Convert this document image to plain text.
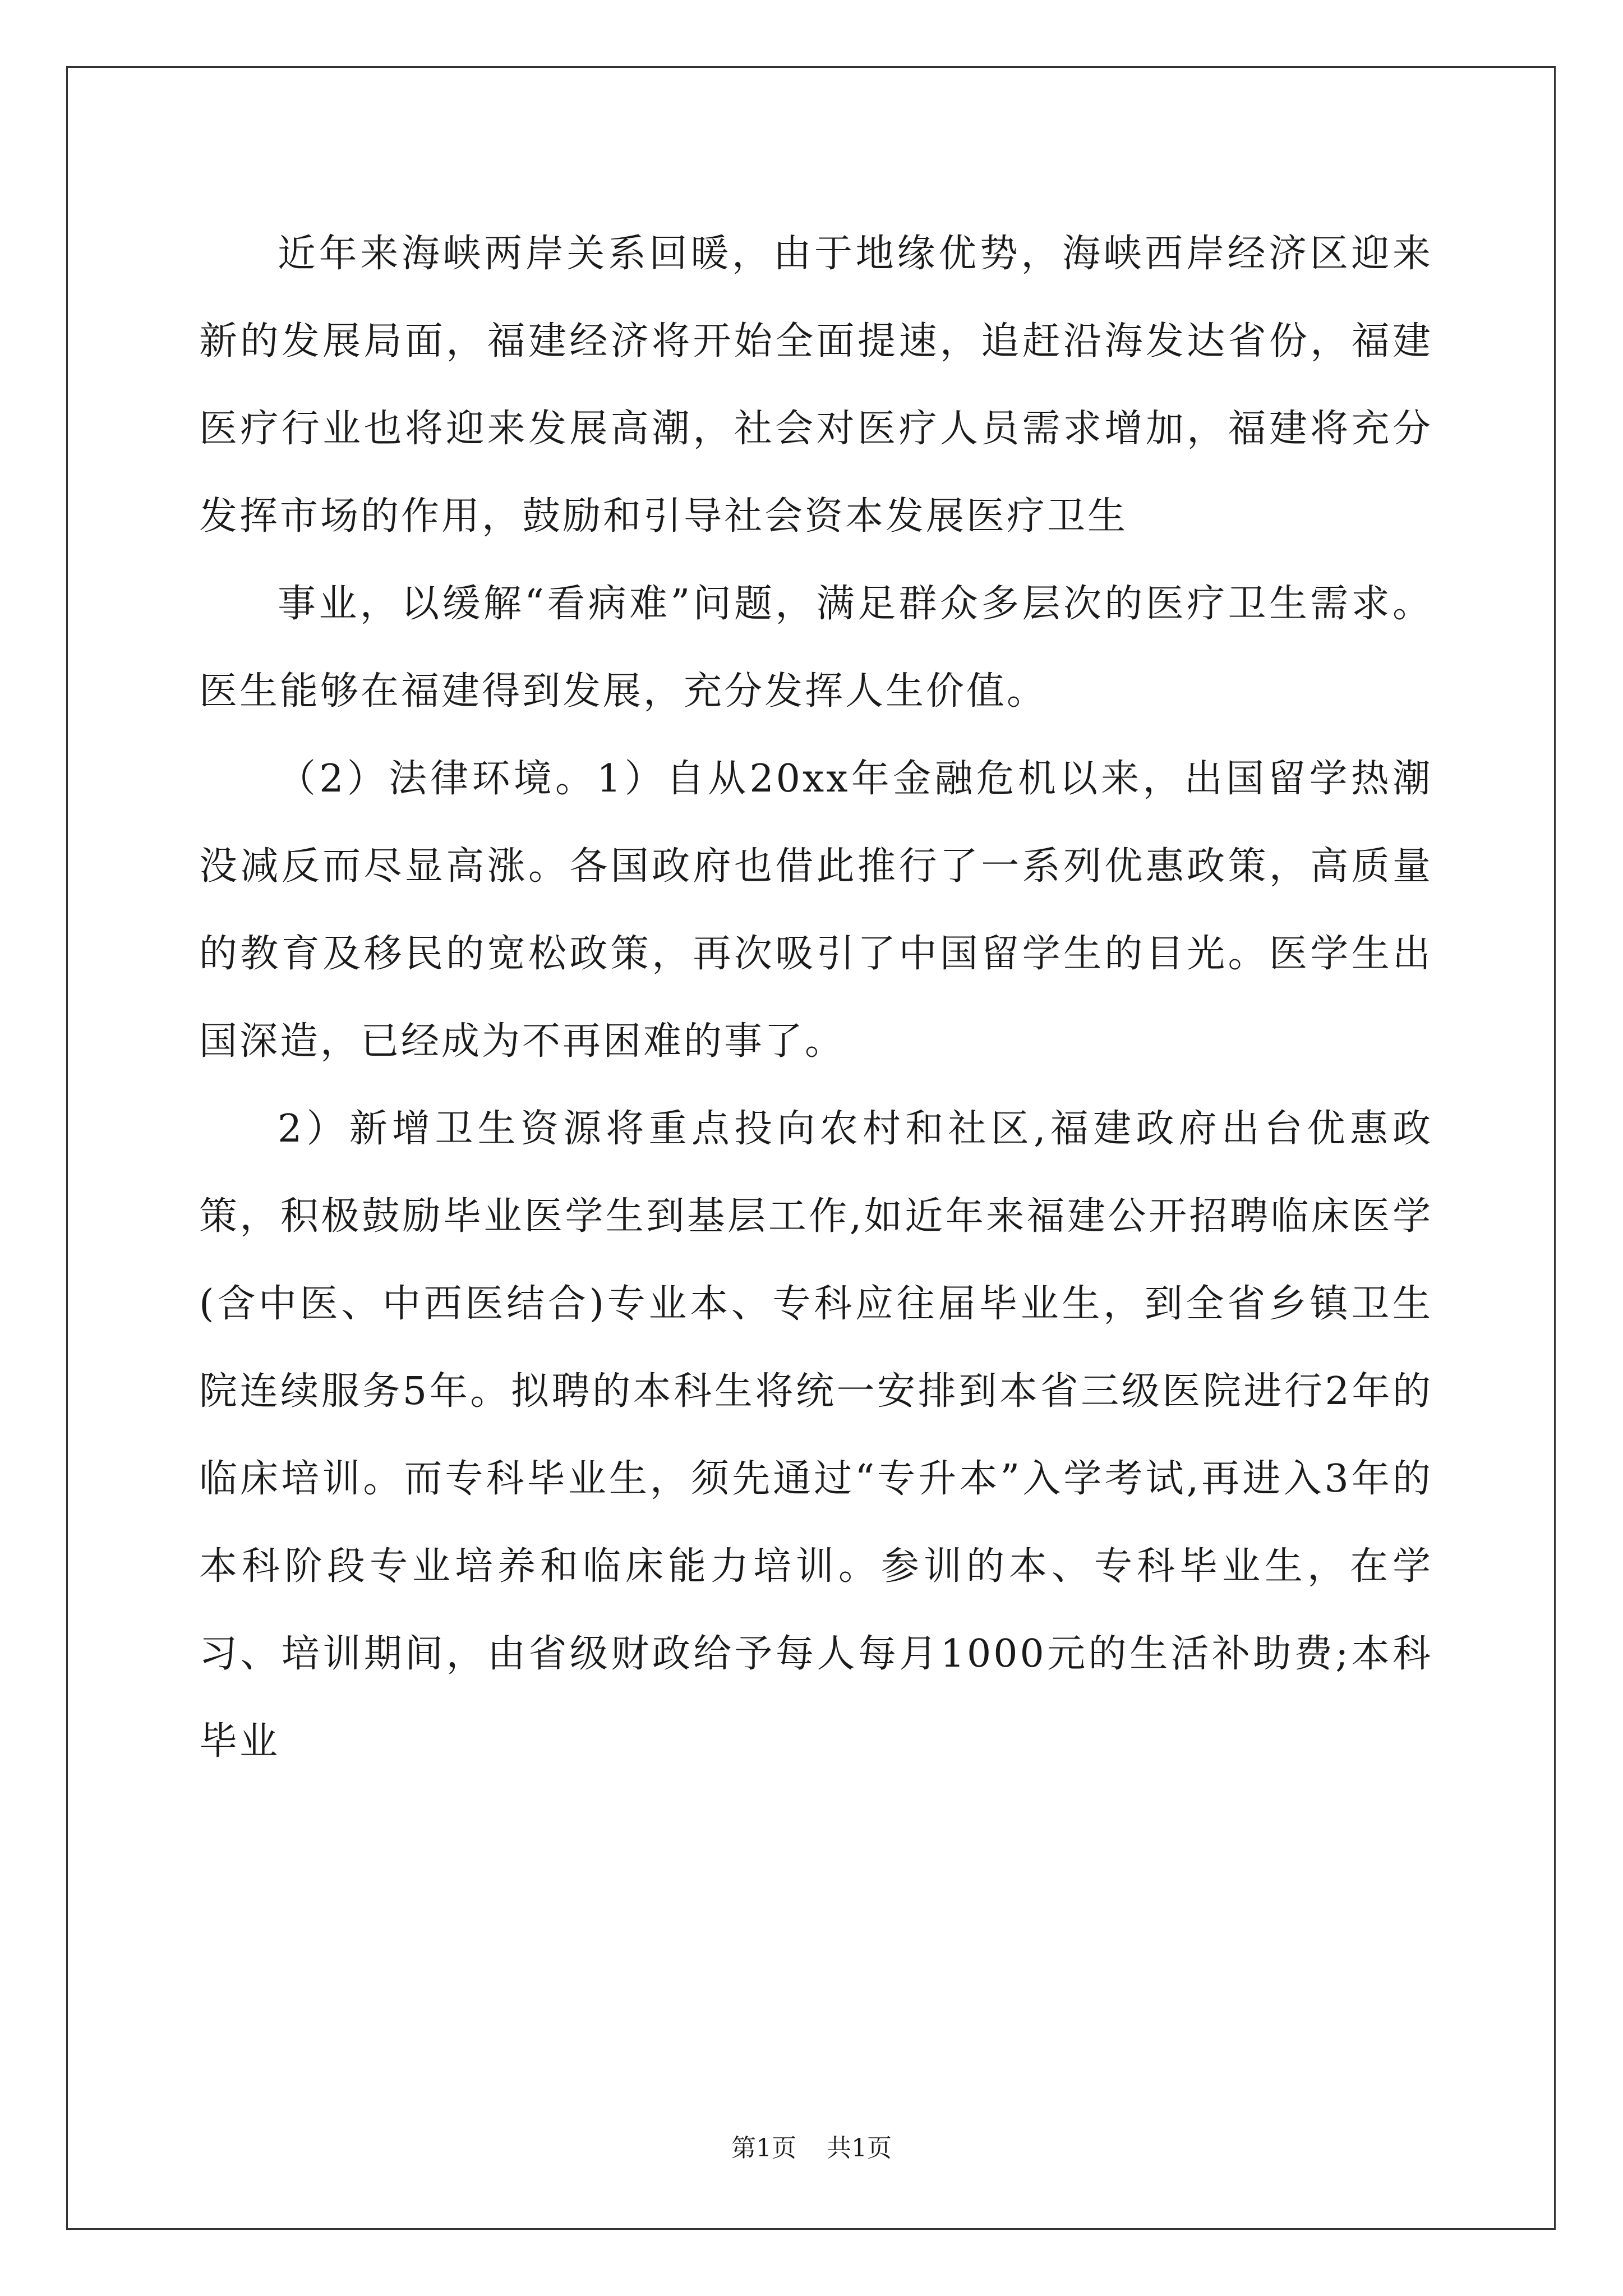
近年来海峡两岸关系回暖，由于地缘优势，海峡西岸经济区迎来新的发展局面，福建经济将开始全面提速，追赶沿海发达省份，福建医疗行业也将迎来发展高潮，社会对医疗人员需求增加，福建将充分发挥市场的作用，鼓励和引导社会资本发展医疗卫生

事业，以缓解“看病难”问题，满足群众多层次的医疗卫生需求。医生能够在福建得到发展，充分发挥人生价值。

（2）法律环境。1）自从20xx年金融危机以来，出国留学热潮没减反而尽显高涨。各国政府也借此推行了一系列优惠政策，高质量的教育及移民的宽松政策，再次吸引了中国留学生的目光。医学生出国深造，已经成为不再困难的事了。

2）新增卫生资源将重点投向农村和社区,福建政府出台优惠政策，积极鼓励毕业医学生到基层工作,如近年来福建公开招聘临床医学(含中医、中西医结合)专业本、专科应往届毕业生，到全省乡镇卫生院连续服务5年。拟聘的本科生将统一安排到本省三级医院进行2年的临床培训。而专科毕业生，须先通过“专升本”入学考试,再进入3年的本科阶段专业培养和临床能力培训。参训的本、专科毕业生，在学习、培训期间，由省级财政给予每人每月1000元的生活补助费;本科毕业

第1页 共1页
